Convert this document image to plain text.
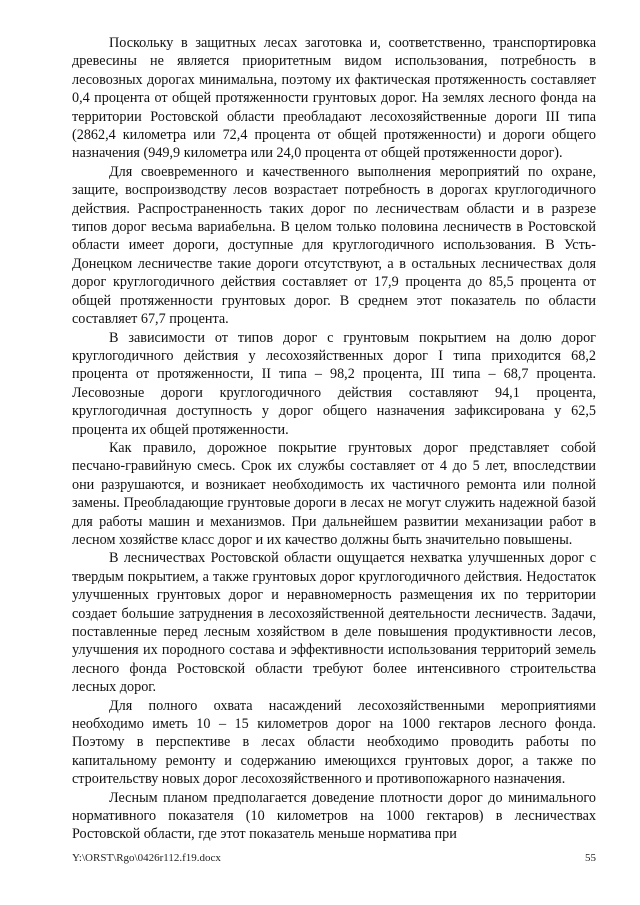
Поскольку в защитных лесах заготовка и, соответственно, транспортировка древесины не является приоритетным видом использования, потребность в лесовозных дорогах минимальна, поэтому их фактическая протяженность составляет 0,4 процента от общей протяженности грунтовых дорог. На землях лесного фонда на территории Ростовской области преобладают лесохозяйственные дороги III типа (2862,4 километра или 72,4 процента от общей протяженности) и дороги общего назначения (949,9 километра или 24,0 процента от общей протяженности дорог).

Для своевременного и качественного выполнения мероприятий по охране, защите, воспроизводству лесов возрастает потребность в дорогах круглогодичного действия. Распространенность таких дорог по лесничествам области и в разрезе типов дорог весьма вариабельна. В целом только половина лесничеств в Ростовской области имеет дороги, доступные для круглогодичного использования. В Усть-Донецком лесничестве такие дороги отсутствуют, а в остальных лесничествах доля дорог круглогодичного действия составляет от 17,9 процента до 85,5 процента от общей протяженности грунтовых дорог. В среднем этот показатель по области составляет 67,7 процента.

В зависимости от типов дорог с грунтовым покрытием на долю дорог круглогодичного действия у лесохозяйственных дорог I типа приходится 68,2 процента от протяженности, II типа – 98,2 процента, III типа – 68,7 процента. Лесовозные дороги круглогодичного действия составляют 94,1 процента, круглогодичная доступность у дорог общего назначения зафиксирована у 62,5 процента их общей протяженности.

Как правило, дорожное покрытие грунтовых дорог представляет собой песчано-гравийную смесь. Срок их службы составляет от 4 до 5 лет, впоследствии они разрушаются, и возникает необходимость их частичного ремонта или полной замены. Преобладающие грунтовые дороги в лесах не могут служить надежной базой для работы машин и механизмов. При дальнейшем развитии механизации работ в лесном хозяйстве класс дорог и их качество должны быть значительно повышены.

В лесничествах Ростовской области ощущается нехватка улучшенных дорог с твердым покрытием, а также грунтовых дорог круглогодичного действия. Недостаток улучшенных грунтовых дорог и неравномерность размещения их по территории создает большие затруднения в лесохозяйственной деятельности лесничеств. Задачи, поставленные перед лесным хозяйством в деле повышения продуктивности лесов, улучшения их породного состава и эффективности использования территорий земель лесного фонда Ростовской области требуют более интенсивного строительства лесных дорог.

Для полного охвата насаждений лесохозяйственными мероприятиями необходимо иметь 10 – 15 километров дорог на 1000 гектаров лесного фонда. Поэтому в перспективе в лесах области необходимо проводить работы по капитальному ремонту и содержанию имеющихся грунтовых дорог, а также по строительству новых дорог лесохозяйственного и противопожарного назначения.

Лесным планом предполагается доведение плотности дорог до минимального нормативного показателя (10 километров на 1000 гектаров) в лесничествах Ростовской области, где этот показатель меньше норматива при

Y:\ORST\Rgo\0426r112.f19.docx	55
